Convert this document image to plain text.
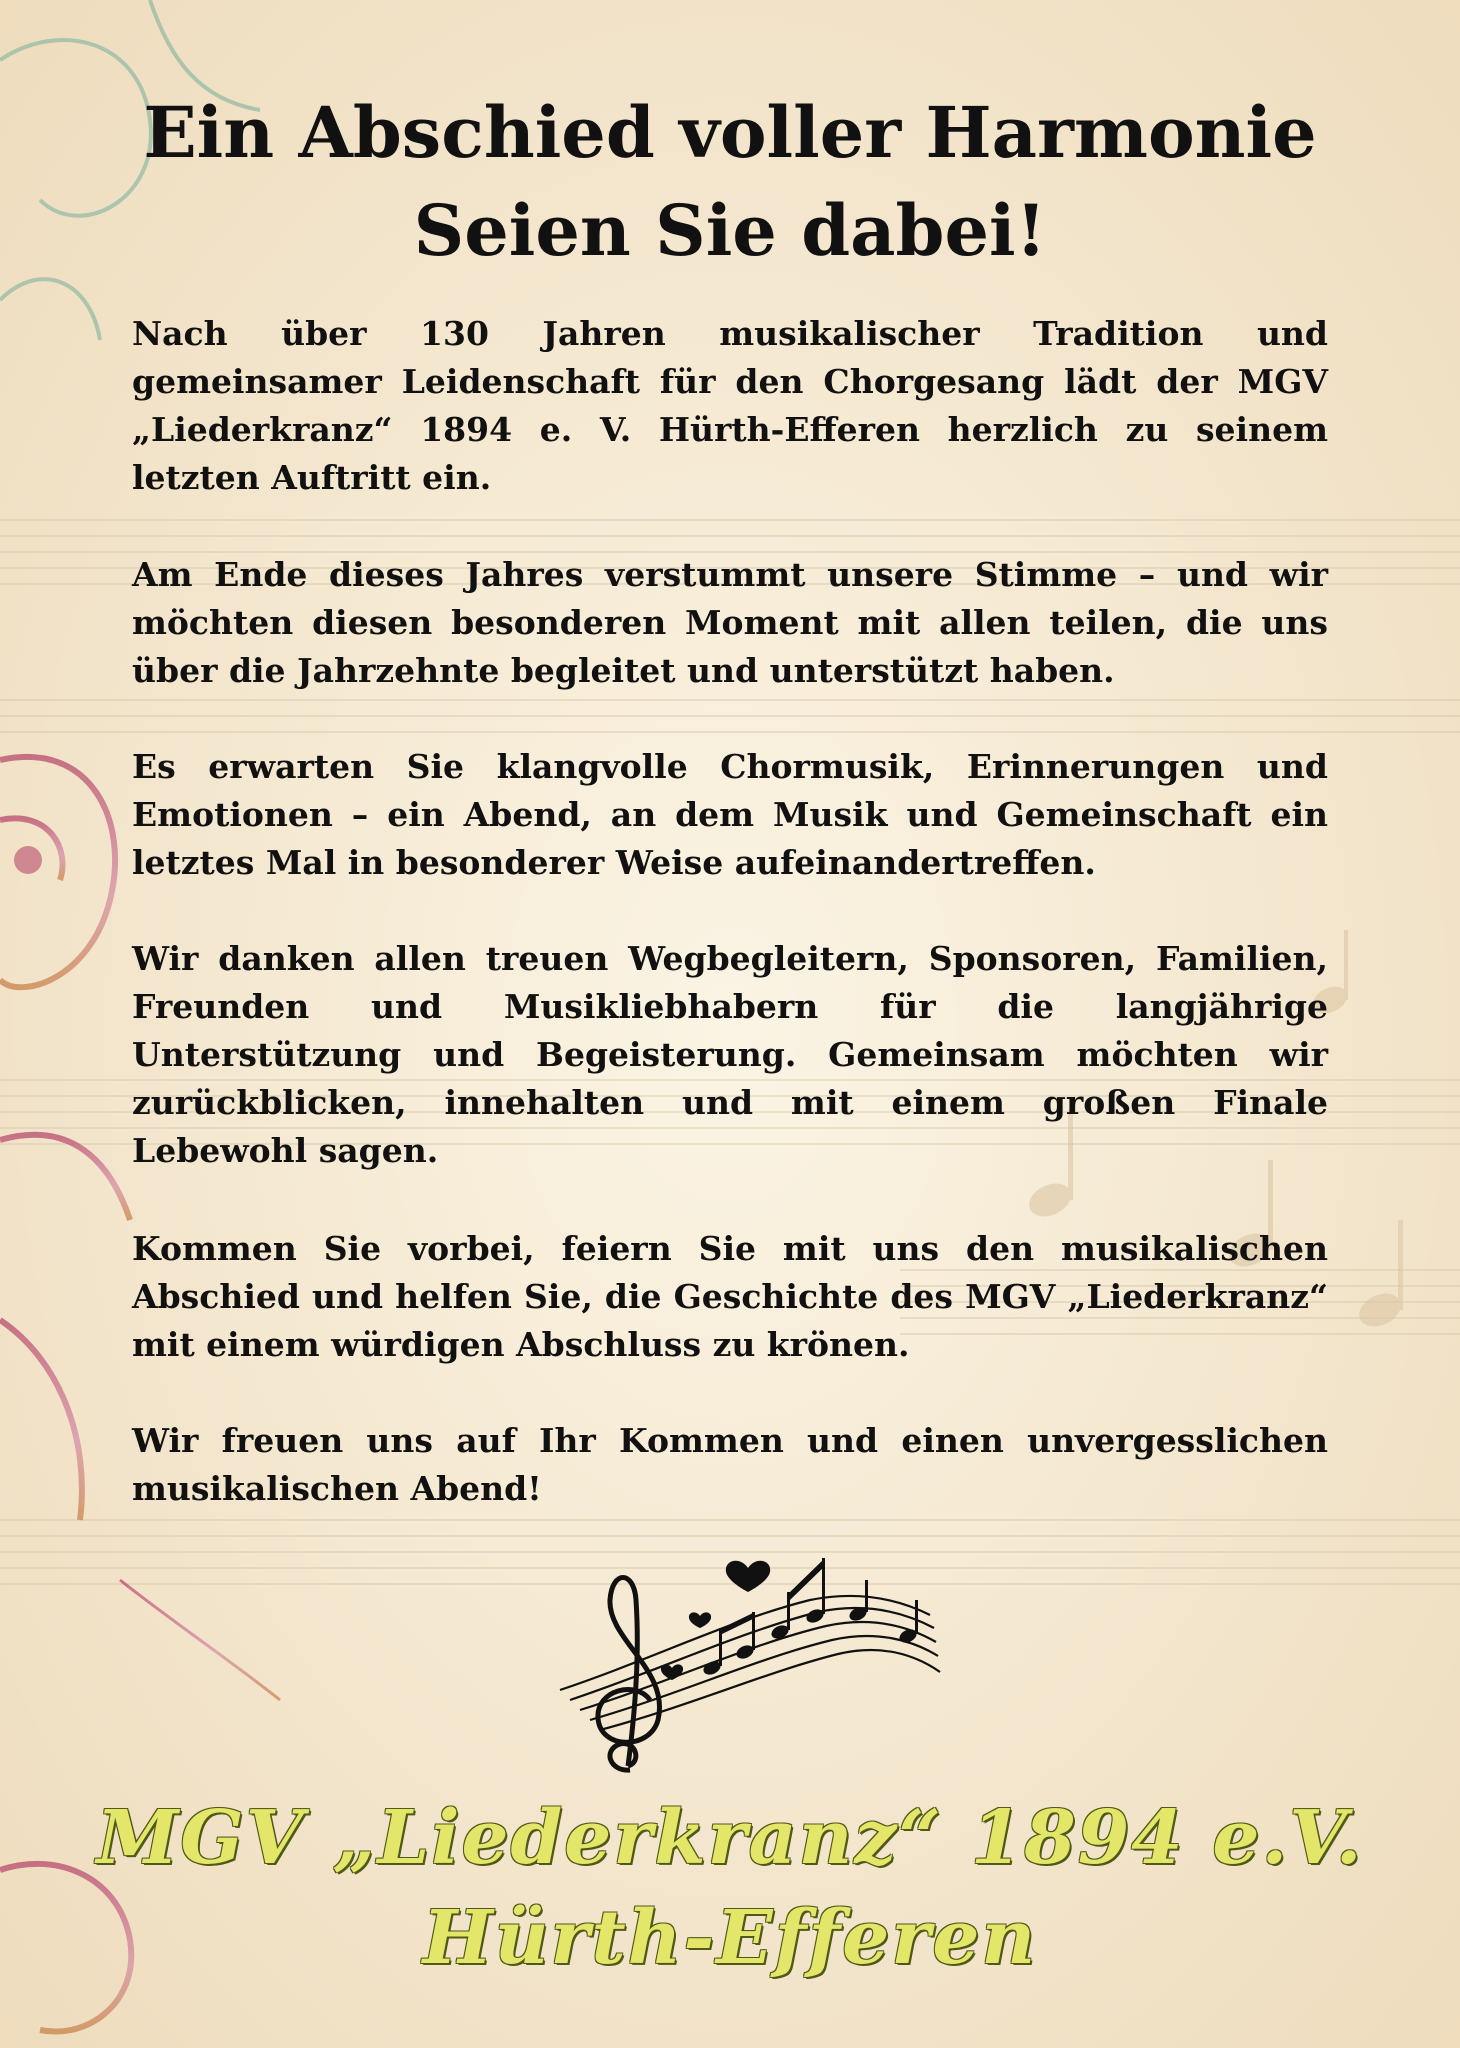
Ein Abschied voller Harmonie
Seien Sie dabei!

Nach über 130 Jahren musikalischer Tradition und gemeinsamer Leidenschaft für den Chorgesang lädt der MGV „Liederkranz“ 1894 e. V. Hürth-Efferen herzlich zu seinem letzten Auftritt ein.

Am Ende dieses Jahres verstummt unsere Stimme – und wir möchten diesen besonderen Moment mit allen teilen, die uns über die Jahrzehnte begleitet und unterstützt haben.

Es erwarten Sie klangvolle Chormusik, Erinnerungen und Emotionen – ein Abend, an dem Musik und Gemeinschaft ein letztes Mal in besonderer Weise aufeinandertreffen.

Wir danken allen treuen Wegbegleitern, Sponsoren, Familien, Freunden und Musikliebhabern für die langjährige Unterstützung und Begeisterung. Gemeinsam möchten wir zurückblicken, innehalten und mit einem großen Finale Lebewohl sagen.

Kommen Sie vorbei, feiern Sie mit uns den musikalischen Abschied und helfen Sie, die Geschichte des MGV „Liederkranz“ mit einem würdigen Abschluss zu krönen.

Wir freuen uns auf Ihr Kommen und einen unvergesslichen musikalischen Abend!

MGV „Liederkranz“ 1894 e.V.

Hürth-Efferen
